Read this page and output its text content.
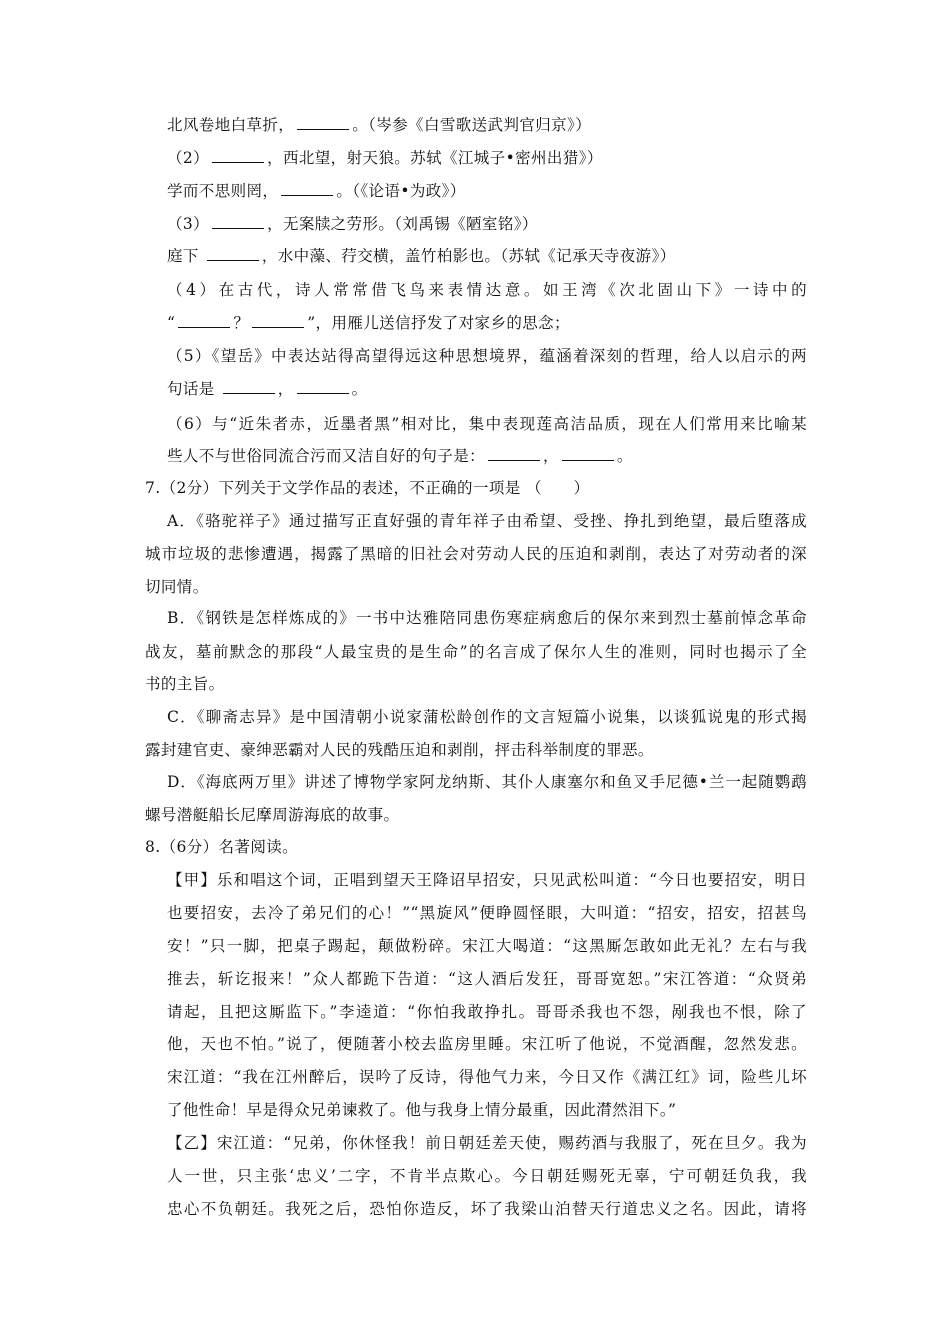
北风卷地白草折，	。（岑参《白雪歌送武判官归京》）
（2）	，西北望，射天狼。苏轼《江城子•密州出猎》）
学而不思则罔，	。（《论语•为政》）
（3）	，无案牍之劳形。（刘禹锡《陋室铭》）
庭下	，水中藻、荇交横，盖竹柏影也。（苏轼《记承天寺夜游》）
（4）在古代，诗人常常借飞鸟来表情达意。如王湾《次北固山下》一诗中的
“	？	”，用雁儿送信抒发了对家乡的思念；
（5）《望岳》中表达站得高望得远这种思想境界，蕴涵着深刻的哲理，给人以启示的两
句话是	，	。
（6）与“近朱者赤，近墨者黑”相对比，集中表现莲高洁品质，现在人们常用来比喻某
些人不与世俗同流合污而又洁自好的句子是：	，	。
7.（2分）下列关于文学作品的表述，不正确的一项是 （　　）
A．《骆驼祥子》通过描写正直好强的青年祥子由希望、受挫、挣扎到绝望，最后堕落成
城市垃圾的悲惨遭遇，揭露了黑暗的旧社会对劳动人民的压迫和剥削，表达了对劳动者的深
切同情。
B．《钢铁是怎样炼成的》一书中达雅陪同患伤寒症病愈后的保尔来到烈士墓前悼念革命
战友，墓前默念的那段“人最宝贵的是生命”的名言成了保尔人生的准则，同时也揭示了全
书的主旨。
C．《聊斋志异》是中国清朝小说家蒲松龄创作的文言短篇小说集，以谈狐说鬼的形式揭
露封建官吏、豪绅恶霸对人民的残酷压迫和剥削，抨击科举制度的罪恶。
D．《海底两万里》讲述了博物学家阿龙纳斯、其仆人康塞尔和鱼叉手尼德•兰一起随鹦鹉
螺号潜艇船长尼摩周游海底的故事。
8.（6分）名著阅读。
【甲】乐和唱这个词，正唱到望天王降诏早招安，只见武松叫道：“今日也要招安，明日
也要招安，去冷了弟兄们的心！”“黑旋风”便睁圆怪眼，大叫道：“招安，招安，招甚鸟
安！”只一脚，把桌子踢起，颠做粉碎。宋江大喝道：“这黑厮怎敢如此无礼？左右与我
推去，斩讫报来！”众人都跪下告道：“这人酒后发狂，哥哥宽恕。”宋江答道：“众贤弟
请起，且把这厮监下。”李逵道：“你怕我敢挣扎。哥哥杀我也不怨，剐我也不恨，除了
他，天也不怕。”说了，便随著小校去监房里睡。宋江听了他说，不觉酒醒，忽然发悲。
宋江道：“我在江州醉后，误吟了反诗，得他气力来，今日又作《满江红》词，险些儿坏
了他性命！早是得众兄弟谏救了。他与我身上情分最重，因此潸然泪下。”
【乙】宋江道：“兄弟，你休怪我！前日朝廷差天使，赐药酒与我服了，死在旦夕。我为
人一世，只主张‘忠义’二字，不肯半点欺心。今日朝廷赐死无辜，宁可朝廷负我，我
忠心不负朝廷。我死之后，恐怕你造反，坏了我梁山泊替天行道忠义之名。因此，请将
